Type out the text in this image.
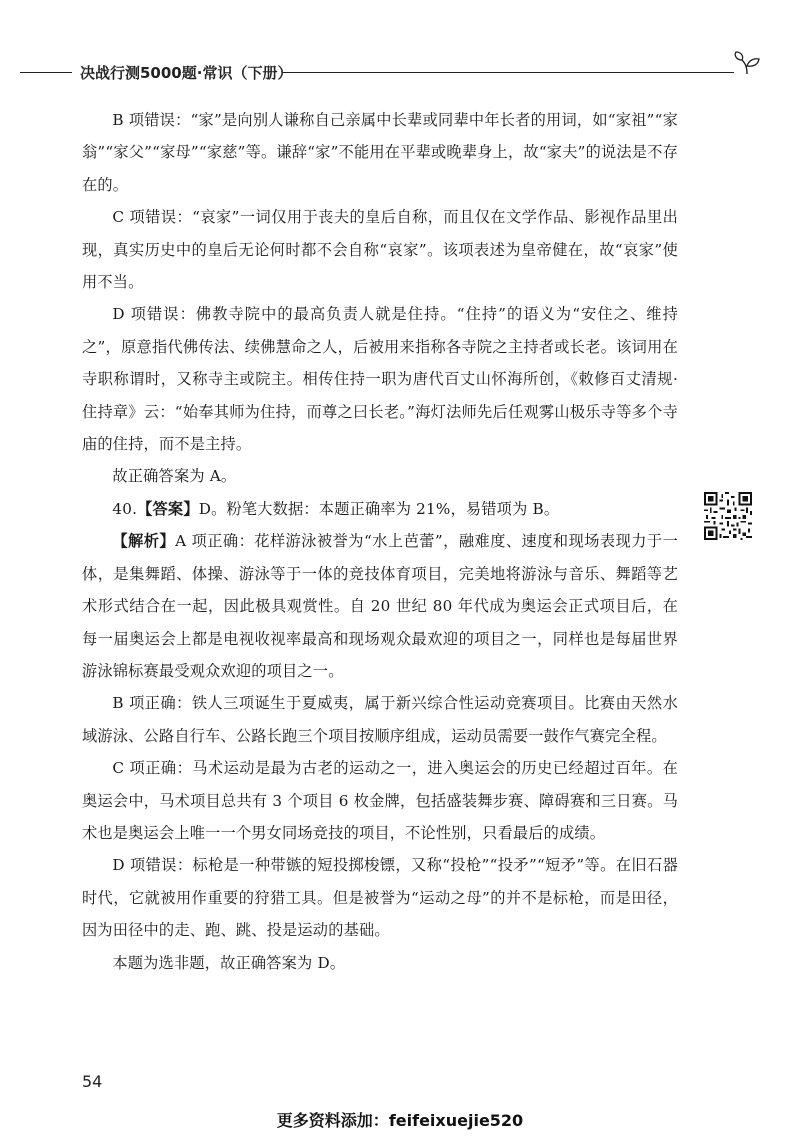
决战行测5000题·常识（下册）

B 项错误：“家”是向别人谦称自己亲属中长辈或同辈中年长者的用词，如“家祖”“家翁”“家父”“家母”“家慈”等。谦辞“家”不能用在平辈或晚辈身上，故“家夫”的说法是不存在的。

C 项错误：“哀家”一词仅用于丧夫的皇后自称，而且仅在文学作品、影视作品里出现，真实历史中的皇后无论何时都不会自称“哀家”。该项表述为皇帝健在，故“哀家”使用不当。

D 项错误：佛教寺院中的最高负责人就是住持。“住持”的语义为“安住之、维持之”，原意指代佛传法、续佛慧命之人，后被用来指称各寺院之主持者或长老。该词用在寺职称谓时，又称寺主或院主。相传住持一职为唐代百丈山怀海所创，《敕修百丈清规·住持章》云：“始奉其师为住持，而尊之曰长老。”海灯法师先后任观雾山极乐寺等多个寺庙的住持，而不是主持。

故正确答案为 A。

40.【答案】D。粉笔大数据：本题正确率为 21%，易错项为 B。

【解析】A 项正确：花样游泳被誉为“水上芭蕾”，融难度、速度和现场表现力于一体，是集舞蹈、体操、游泳等于一体的竞技体育项目，完美地将游泳与音乐、舞蹈等艺术形式结合在一起，因此极具观赏性。自 20 世纪 80 年代成为奥运会正式项目后，在每一届奥运会上都是电视收视率最高和现场观众最欢迎的项目之一，同样也是每届世界游泳锦标赛最受观众欢迎的项目之一。

B 项正确：铁人三项诞生于夏威夷，属于新兴综合性运动竞赛项目。比赛由天然水域游泳、公路自行车、公路长跑三个项目按顺序组成，运动员需要一鼓作气赛完全程。

C 项正确：马术运动是最为古老的运动之一，进入奥运会的历史已经超过百年。在奥运会中，马术项目总共有 3 个项目 6 枚金牌，包括盛装舞步赛、障碍赛和三日赛。马术也是奥运会上唯一一个男女同场竞技的项目，不论性别，只看最后的成绩。

D 项错误：标枪是一种带镞的短投掷梭镖，又称“投枪”“投矛”“短矛”等。在旧石器时代，它就被用作重要的狩猎工具。但是被誉为“运动之母”的并不是标枪，而是田径，因为田径中的走、跑、跳、投是运动的基础。

本题为选非题，故正确答案为 D。

54
更多资料添加：feifeixuejie520
